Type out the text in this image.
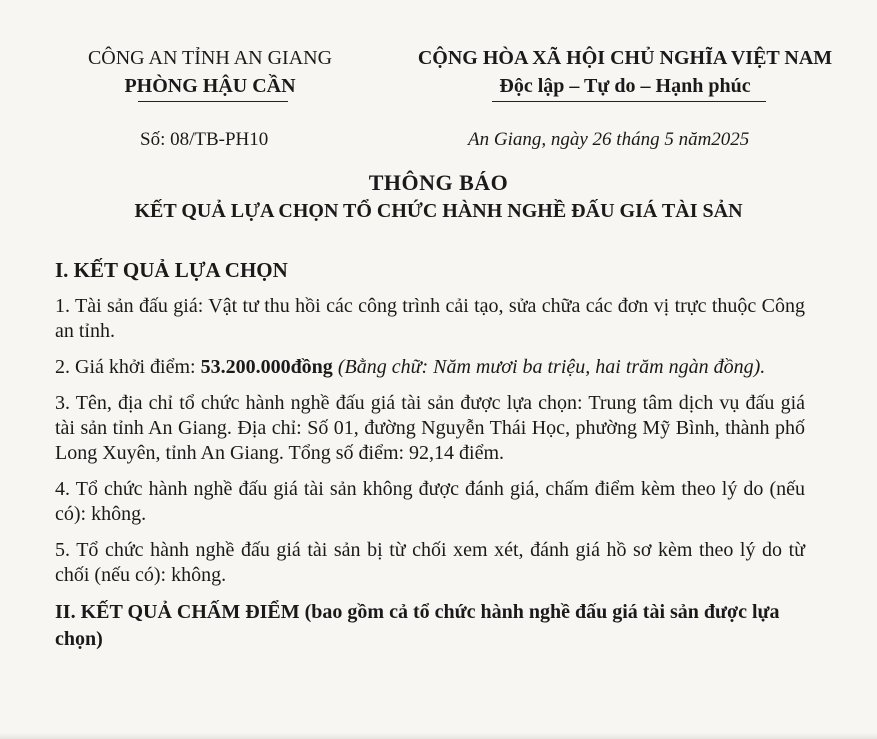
CÔNG AN TỈNH AN GIANG
PHÒNG HẬU CẦN
CỘNG HÒA XÃ HỘI CHỦ NGHĨA VIỆT NAM
Độc lập – Tự do – Hạnh phúc
Số: 08/TB-PH10	An Giang, ngày 26 tháng 5 năm2025
THÔNG BÁO
KẾT QUẢ LỰA CHỌN TỔ CHỨC HÀNH NGHỀ ĐẤU GIÁ TÀI SẢN
I. KẾT QUẢ LỰA CHỌN

1. Tài sản đấu giá: Vật tư thu hồi các công trình cải tạo, sửa chữa các đơn vị trực thuộc Công an tỉnh.

2. Giá khởi điểm: 53.200.000đồng (Bằng chữ: Năm mươi ba triệu, hai trăm ngàn đồng).

3. Tên, địa chỉ tổ chức hành nghề đấu giá tài sản được lựa chọn: Trung tâm dịch vụ đấu giá tài sản tỉnh An Giang. Địa chỉ: Số 01, đường Nguyễn Thái Học, phường Mỹ Bình, thành phố Long Xuyên, tỉnh An Giang. Tổng số điểm: 92,14 điểm.

4. Tổ chức hành nghề đấu giá tài sản không được đánh giá, chấm điểm kèm theo lý do (nếu có): không.

5. Tổ chức hành nghề đấu giá tài sản bị từ chối xem xét, đánh giá hồ sơ kèm theo lý do từ chối (nếu có): không.

II. KẾT QUẢ CHẤM ĐIỂM (bao gồm cả tổ chức hành nghề đấu giá tài sản được lựa chọn)
